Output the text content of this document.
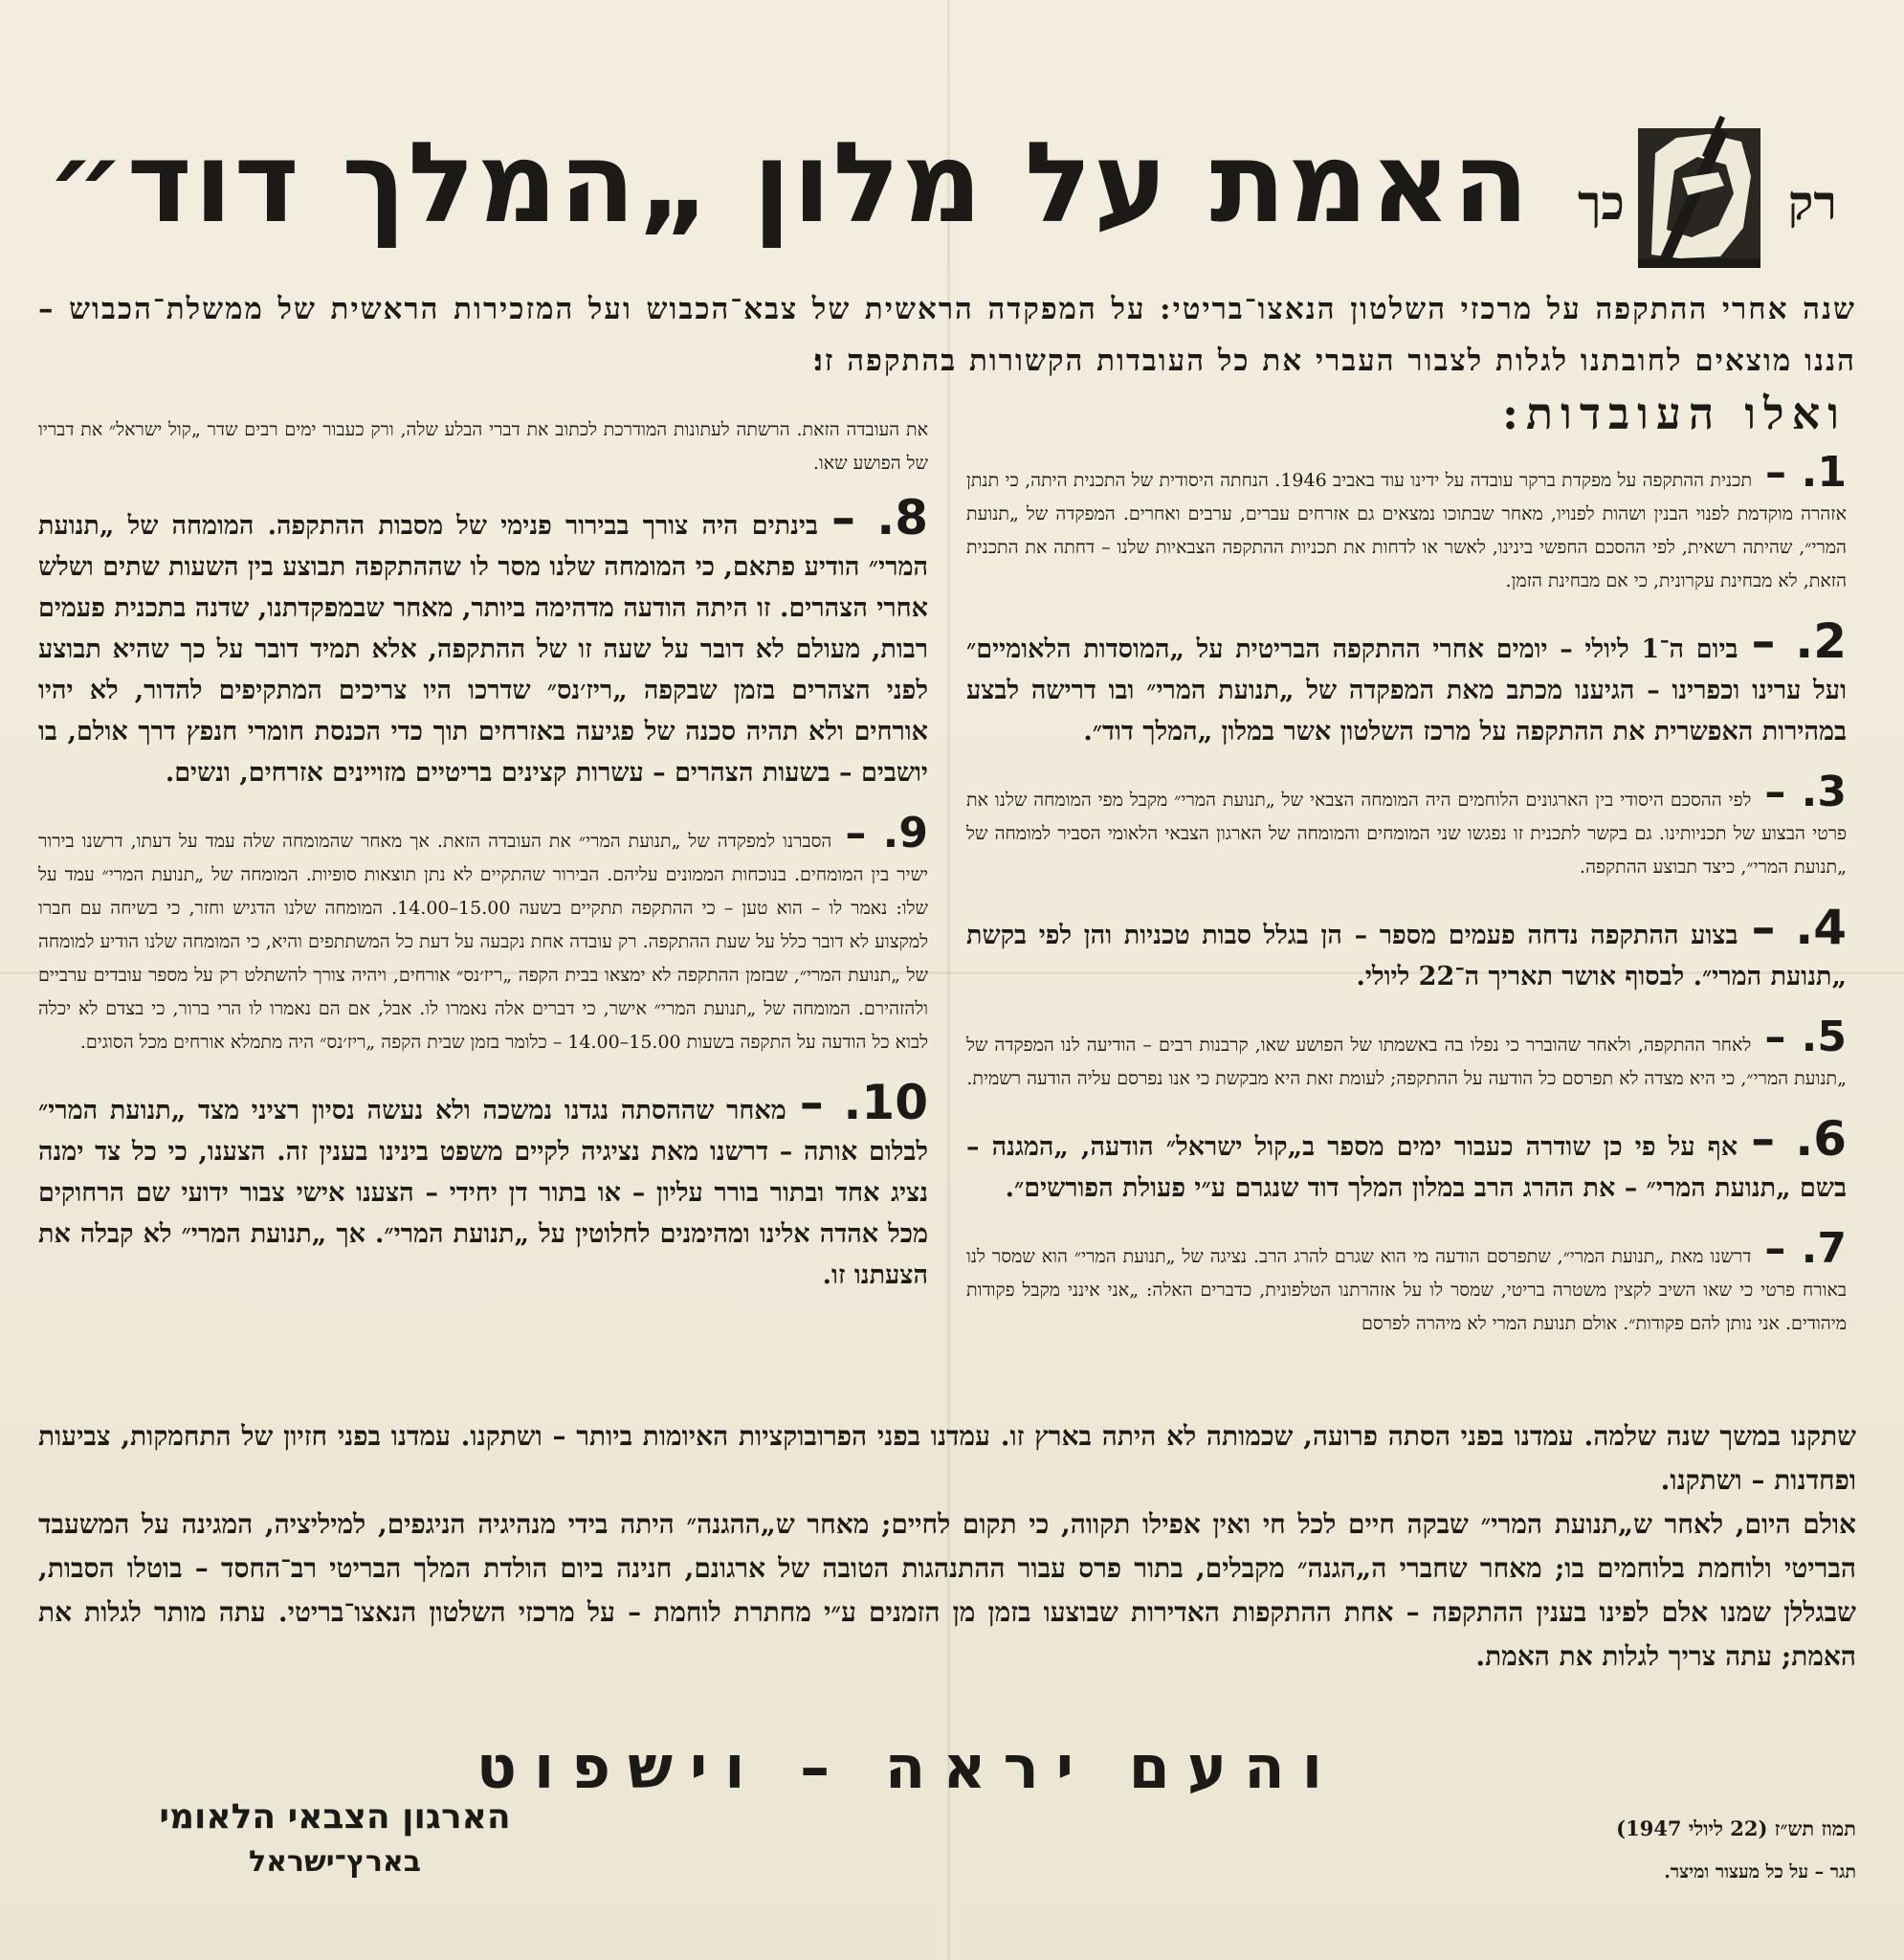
רק
כך
האמת על מלון „המלך דוד״
שנה אחרי ההתקפה על מרכזי השלטון הנאצו־בריטי: על המפקדה הראשית של צבא־הכבוש ועל המזכירות הראשית של ממשלת־הכבוש – הננו מוצאים לחובתנו לגלות לצבור העברי את כל העובדות הקשורות בהתקפה זו׃
ואלו העובדות:
1. –תכנית ההתקפה על מפקדת ברקר עובדה על ידינו עוד באביב 1946. הנחתה היסודית של התכנית היתה, כי תנתן אזהרה מוקדמת לפנוי הבנין ושהות לפנויו, מאחר שבתוכו נמצאים גם אזרחים עברים, ערבים ואחרים. המפקדה של „תנועת המרי״, שהיתה רשאית, לפי ההסכם החפשי בינינו, לאשר או לדחות את תכניות ההתקפה הצבאיות שלנו – דחתה את התכנית הזאת, לא מבחינת עקרונית, כי אם מבחינת הזמן.
2. –ביום ה־1 ליולי – יומים אחרי ההתקפה הבריטית על „המוסדות הלאומיים״ ועל ערינו וכפרינו – הגיענו מכתב מאת המפקדה של „תנועת המרי״ ובו דרישה לבצע במהירות האפשרית את ההתקפה על מרכז השלטון אשר במלון „המלך דוד״.
3. –לפי ההסכם היסודי בין הארגונים הלוחמים היה המומחה הצבאי של „תנועת המרי״ מקבל מפי המומחה שלנו את פרטי הבצוע של תכניותינו. גם בקשר לתכנית זו נפגשו שני המומחים והמומחה של הארגון הצבאי הלאומי הסביר למומחה של „תנועת המרי״, כיצד תבוצע ההתקפה.
4. –בצוע ההתקפה נדחה פעמים מספר – הן בגלל סבות טכניות והן לפי בקשת „תנועת המרי״. לבסוף אושר תאריך ה־22 ליולי.
5. –לאחר ההתקפה, ולאחר שהוברר כי נפלו בה באשמתו של הפושע שאו, קרבנות רבים – הודיעה לנו המפקדה של „תנועת המרי״, כי היא מצדה לא תפרסם כל הודעה על ההתקפה; לעומת זאת היא מבקשת כי אנו נפרסם עליה הודעה רשמית.
6. –אף על פי כן שודרה כעבור ימים מספר ב„קול ישראל״ הודעה, „המגנה – בשם „תנועת המרי״ – את ההרג הרב במלון המלך דוד שנגרם ע״י פעולת הפורשים״.
7. –דרשנו מאת „תנועת המרי״, שתפרסם הודעה מי הוא שגרם להרג הרב. נציגה של „תנועת המרי״ הוא שמסר לנו באורח פרטי כי שאו השיב לקצין משטרה בריטי, שמסר לו על אזהרתנו הטלפונית, כדברים האלה: „אני אינני מקבל פקודות מיהודים. אני נותן להם פקודות״. אולם תנועת המרי לא מיהרה לפרסם
את העובדה הזאת. הרשתה לעתונות המודרכת לכתוב את דברי הבלע שלה, ורק כעבור ימים רבים שדר „קול ישראל״ את דבריו של הפושע שאו.
8. –בינתים היה צורך בבירור פנימי של מסבות ההתקפה. המומחה של „תנועת המרי״ הודיע פתאם, כי המומחה שלנו מסר לו שההתקפה תבוצע בין השעות שתים ושלש אחרי הצהרים. זו היתה הודעה מדהימה ביותר, מאחר שבמפקדתנו, שדנה בתכנית פעמים רבות, מעולם לא דובר על שעה זו של ההתקפה, אלא תמיד דובר על כך שהיא תבוצע לפני הצהרים בזמן שבקפה „ריז׳נס״ שדרכו היו צריכים המתקיפים להדור, לא יהיו אורחים ולא תהיה סכנה של פגיעה באזרחים תוך כדי הכנסת חומרי חנפץ דרך אולם, בו יושבים – בשעות הצהרים – עשרות קצינים בריטיים מזויינים אזרחים, ונשים.
9. –הסברנו למפקדה של „תנועת המרי״ את העובדה הזאת. אך מאחר שהמומחה שלה עמד על דעתו, דרשנו בירור ישיר בין המומחים. בנוכחות הממונים עליהם. הבירור שהתקיים לא נתן תוצאות סופיות. המומחה של „תנועת המרי״ עמד על שלו: נאמר לו – הוא טען – כי ההתקפה תתקיים בשעה 15.00–14.00. המומחה שלנו הדגיש וחזר, כי בשיחה עם חברו למקצוע לא דובר כלל על שעת ההתקפה. רק עובדה אחת נקבעה על דעת כל המשתתפים והיא, כי המומחה שלנו הודיע למומחה של „תנועת המרי״, שבזמן ההתקפה לא ימצאו בבית הקפה „ריז׳נס״ אורחים, ויהיה צורך להשתלט רק על מספר עובדים ערביים ולהזהירם. המומחה של „תנועת המרי״ אישר, כי דברים אלה נאמרו לו. אבל, אם הם נאמרו לו הרי ברור, כי בצדם לא יכלה לבוא כל הודעה על התקפה בשעות 15.00–14.00 – כלומר בזמן שבית הקפה „ריז׳נס״ היה מתמלא אורחים מכל הסוגים.
10. –מאחר שההסתה נגדנו נמשכה ולא נעשה נסיון רציני מצד „תנועת המרי״ לבלום אותה – דרשנו מאת נציגיה לקיים משפט בינינו בענין זה. הצענו, כי כל צד ימנה נציג אחד ובתור בורר עליון – או בתור דן יחידי – הצענו אישי צבור ידועי שם הרחוקים מכל אהדה אלינו ומהימנים לחלוטין על „תנועת המרי״. אך „תנועת המרי״ לא קבלה את הצעתנו זו.

שתקנו במשך שנה שלמה. עמדנו בפני הסתה פרועה, שכמותה לא היתה בארץ זו. עמדנו בפני הפרובוקציות האיומות ביותר – ושתקנו. עמדנו בפני חזיון של התחמקות, צביעות ופחדנות – ושתקנו.

אולם היום, לאחר ש„תנועת המרי״ שבקה חיים לכל חי ואין אפילו תקווה, כי תקום לחיים; מאחר ש„ההגנה״ היתה בידי מנהיגיה הניגפים, למיליציה, המגינה על המשעבד הבריטי ולוחמת בלוחמים בו; מאחר שחברי ה„הגנה״ מקבלים, בתור פרס עבור ההתנהגות הטובה של ארגונם, חנינה ביום הולדת המלך הבריטי רב־החסד – בוטלו הסבות, שבגללן שמנו אלם לפינו בענין ההתקפה – אחת ההתקפות האדירות שבוצעו בזמן מן הזמנים ע״י מחתרת לוחמת – על מרכזי השלטון הנאצו־בריטי. עתה מותר לגלות את האמת; עתה צריך לגלות את האמת.

והעם יראה – וישפוט
הארגון הצבאי הלאומי
בארץ־ישראל
תמוז תש״ז (22 ליולי 1947)
תגר – על כל מעצור ומיצר.
